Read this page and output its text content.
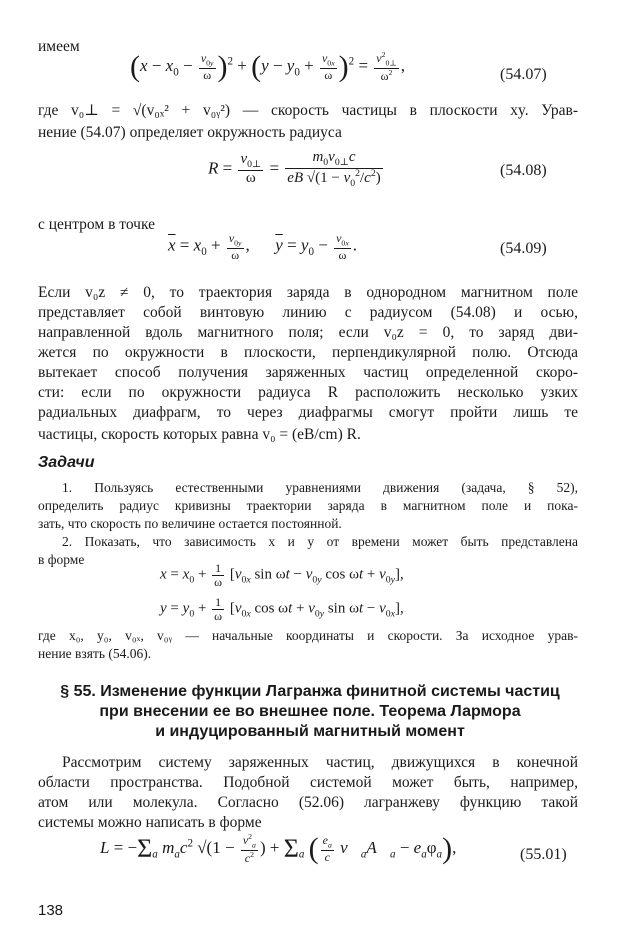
имеем
$(x - x_0 - \frac{v_{0y}}{\omega} )^2 + (y - y_0 + \frac{v_{0x}}{\omega} )^2 = \frac{v^2_{0\perp}}{\omega^2}$ ,	(54.07)
где v₀⊥ = √(v₀ₓ² + v₀ᵧ²) — скорость частицы в плоскости xy. Урав-
нение (54.07) определяет окружность радиуса
$R = \frac{v_{0\perp}}{\omega} = \frac{m_0v_{0\perp}c}{eB √(1 - v_0^2/c^2)}$	(54.08)
с центром в точке
$\overline{x} = x_0 + \frac{v_{0y}}{\omega}$ ,      $\overline{y} = y_0 - \frac{v_{0x}}{\omega}$ .	(54.09)
Если v₀z ≠ 0, то траектория заряда в однородном магнитном поле
представляет собой винтовую линию с радиусом (54.08) и осью,
направленной вдоль магнитного поля; если v₀z = 0, то заряд дви-
жется по окружности в плоскости, перпендикулярной полю. Отсюда
вытекает способ получения заряженных частиц определенной скоро-
сти: если по окружности радиуса R расположить несколько узких
радиальных диафрагм, то через диафрагмы смогут пройти лишь те
частицы, скорость которых равна v₀ = (eB/cm) R.
Задачи
1. Пользуясь естественными уравнениями движения (задача, § 52),
определить радиус кривизны траектории заряда в магнитном поле и пока-
зать, что скорость по величине остается постоянной.
2. Показать, что зависимость x и y от времени может быть представлена
в форме
$x = x_0 + \frac{1}{\omega} [v_{0x}$ $\sin \omega t - v_{0y}$ $\cos \omega t + v_{0y}$],
$y = y_0 + \frac{1}{\omega} [v_{0x}$ $\cos \omega t + v_{0y}$ $\sin \omega t - v_{0x}$],
где x₀, y₀, v₀ₓ, v₀ᵧ — начальные координаты и скорости. За исходное урав-
нение взять (54.06).
§ 55. Изменение функции Лагранжа финитной системы частиц
при внесении ее во внешнее поле. Теорема Лармора
и индуцированный магнитный момент
Рассмотрим систему заряженных частиц, движущихся в конечной
области пространства. Подобной системой может быть, например,
атом или молекула. Согласно (52.06) лагранжеву функцию такой
системы можно написать в форме
$L = -\Sigma_a$ $m_ac^2$ $√(1 - \frac{v^2_a}{c^2}$ ) + $\Sigma_a$ ( $\frac{e_a}{c}$ $v⃗_aA⃗_a - e_a\varphi_a$),	(55.01)
138
